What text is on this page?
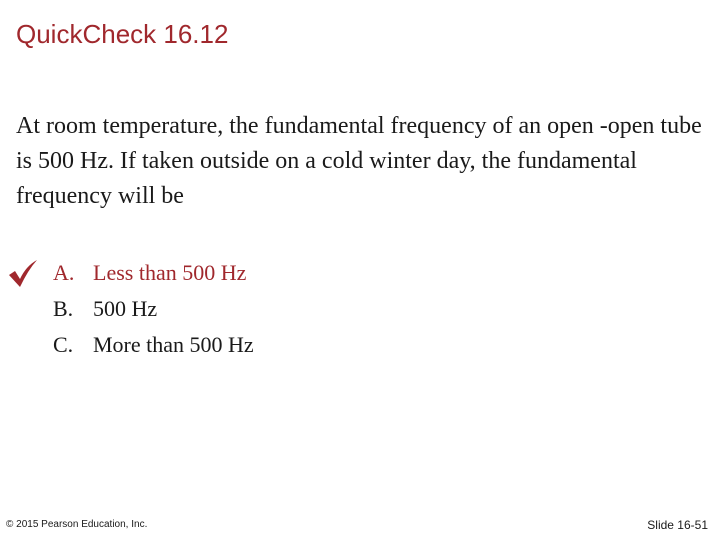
QuickCheck 16.12
At room temperature, the fundamental frequency of an open -open tube is 500 Hz. If taken outside on a cold winter day, the fundamental frequency will be
A. Less than 500 Hz
B. 500 Hz
C. More than 500 Hz
© 2015 Pearson Education, Inc.	Slide 16-51
